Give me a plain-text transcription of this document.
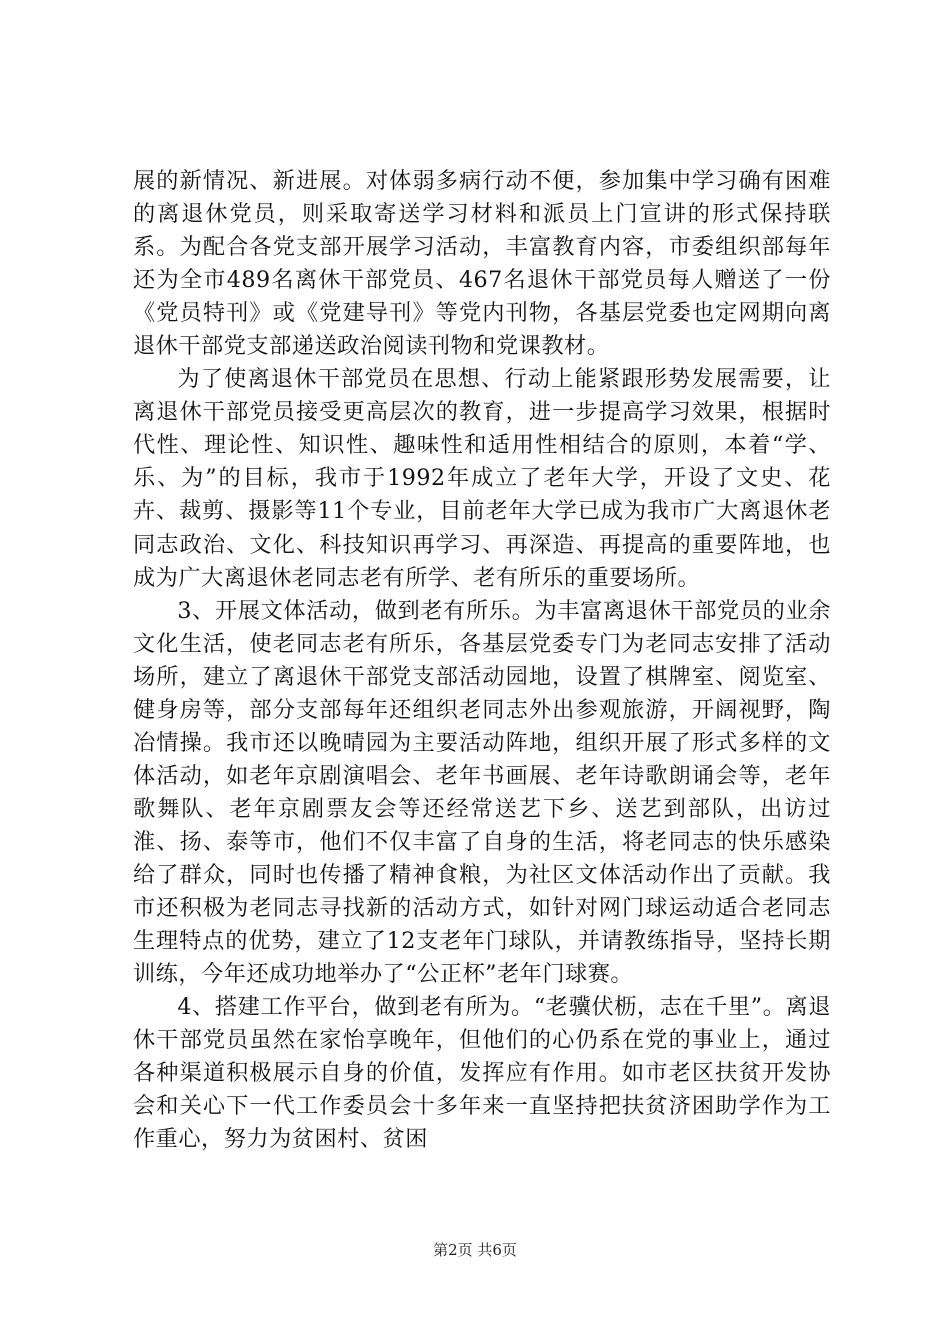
展的新情况、新进展。对体弱多病行动不便，参加集中学习确有困难的离退休党员，则采取寄送学习材料和派员上门宣讲的形式保持联系。为配合各党支部开展学习活动，丰富教育内容，市委组织部每年还为全市489名离休干部党员、467名退休干部党员每人赠送了一份《党员特刊》或《党建导刊》等党内刊物，各基层党委也定网期向离退休干部党支部递送政治阅读刊物和党课教材。

为了使离退休干部党员在思想、行动上能紧跟形势发展需要，让离退休干部党员接受更高层次的教育，进一步提高学习效果，根据时代性、理论性、知识性、趣味性和适用性相结合的原则，本着“学、乐、为”的目标，我市于1992年成立了老年大学，开设了文史、花卉、裁剪、摄影等11个专业，目前老年大学已成为我市广大离退休老同志政治、文化、科技知识再学习、再深造、再提高的重要阵地，也成为广大离退休老同志老有所学、老有所乐的重要场所。

3、开展文体活动，做到老有所乐。为丰富离退休干部党员的业余文化生活，使老同志老有所乐，各基层党委专门为老同志安排了活动场所，建立了离退休干部党支部活动园地，设置了棋牌室、阅览室、健身房等，部分支部每年还组织老同志外出参观旅游，开阔视野，陶冶情操。我市还以晚晴园为主要活动阵地，组织开展了形式多样的文体活动，如老年京剧演唱会、老年书画展、老年诗歌朗诵会等，老年歌舞队、老年京剧票友会等还经常送艺下乡、送艺到部队，出访过淮、扬、泰等市，他们不仅丰富了自身的生活，将老同志的快乐感染给了群众，同时也传播了精神食粮，为社区文体活动作出了贡献。我市还积极为老同志寻找新的活动方式，如针对网门球运动适合老同志生理特点的优势，建立了12支老年门球队，并请教练指导，坚持长期训练，今年还成功地举办了“公正杯”老年门球赛。

4、搭建工作平台，做到老有所为。“老骥伏枥，志在千里”。离退休干部党员虽然在家怡享晚年，但他们的心仍系在党的事业上，通过各种渠道积极展示自身的价值，发挥应有作用。如市老区扶贫开发协会和关心下一代工作委员会十多年来一直坚持把扶贫济困助学作为工作重心，努力为贫困村、贫困

第2页 共6页
